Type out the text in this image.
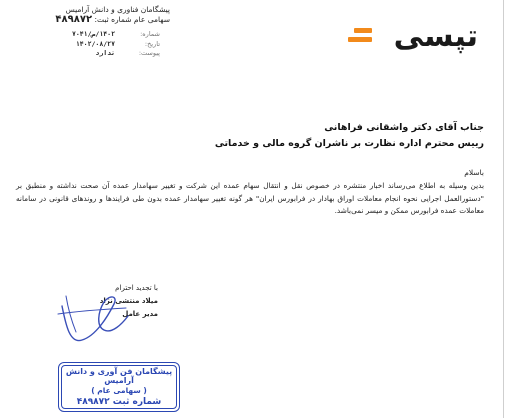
تپسی
پیشگامان فناوری و دانش آرامیس
سهامی عام شماره ثبت: ۴۸۹۸۷۲
شماره:
۱۴۰۲/ص/۷۰۴۱
تاریخ:
۱۴۰۲/۰۸/۲۷
پیوست:
ندارد
جناب آقای دکتر واشقانی فراهانی
رییس محترم اداره نظارت بر ناشران گروه مالی و خدماتی
باسلام
بدین وسیله به اطلاع می‌رساند اخبار منتشره در خصوص نقل و انتقال سهام عمده این شرکت و تغییر سهامدار عمده آن صحت نداشته و منطبق بر "دستورالعمل اجرایی نحوه انجام معاملات اوراق بهادار در فرابورس ایران" هر گونه تغییر سهامدار عمده بدون طی فرایندها و روندهای قانونی در سامانه معاملات عمده فرابورس ممکن و میسر نمی‌باشد.
با تجدید احترام
میلاد منتشی نژاد
مدیر عامل
پیشگامان فن آوری و دانش آرامیس
( سهامی عام )
شماره ثبت ۴۸۹۸۷۲
